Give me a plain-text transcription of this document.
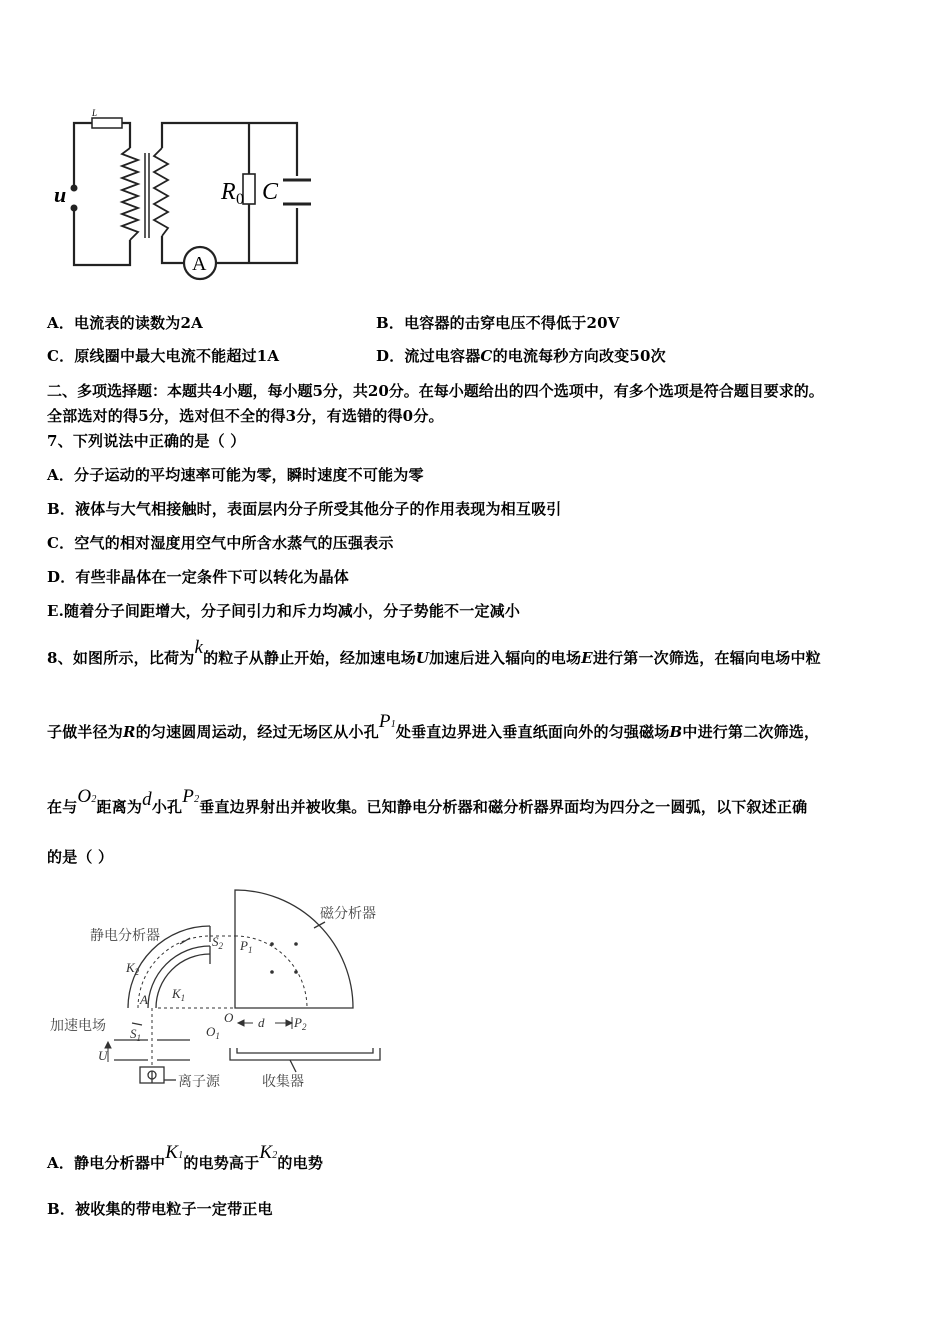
u
L
R 0 C
A
A．电流表的读数为2A	B．电容器的击穿电压不得低于20V
C．原线圈中最大电流不能超过1A	D．流过电容器C的电流每秒方向改变50次
二、多项选择题：本题共4小题，每小题5分，共20分。在每小题给出的四个选项中，有多个选项是符合题目要求的。
全部选对的得5分，选对但不全的得3分，有选错的得0分。
7、下列说法中正确的是（ ）
A．分子运动的平均速率可能为零，瞬时速度不可能为零
B．液体与大气相接触时，表面层内分子所受其他分子的作用表现为相互吸引
C．空气的相对湿度用空气中所含水蒸气的压强表示
D．有些非晶体在一定条件下可以转化为晶体
E.随着分子间距增大，分子间引力和斥力均减小，分子势能不一定减小
8、如图所示，比荷为k的粒子从静止开始，经加速电场U加速后进入辐向的电场E进行第一次筛选，在辐向电场中粒
子做半径为R的匀速圆周运动，经过无场区从小孔P1处垂直边界进入垂直纸面向外的匀强磁场B中进行第二次筛选，
在与O2距离为d小孔P2垂直边界射出并被收集。已知静电分析器和磁分析器界面均为四分之一圆弧，以下叙述正确
的是（ ）
磁分析器
静电分析器
加速电场
离子源	收集器
$S_2$
$S_1$
$K_2$
$K_1$
A
$P_1$
$P_2$
O
$O_1$
d
U
A．静电分析器中K1的电势高于K2的电势
B．被收集的带电粒子一定带正电
